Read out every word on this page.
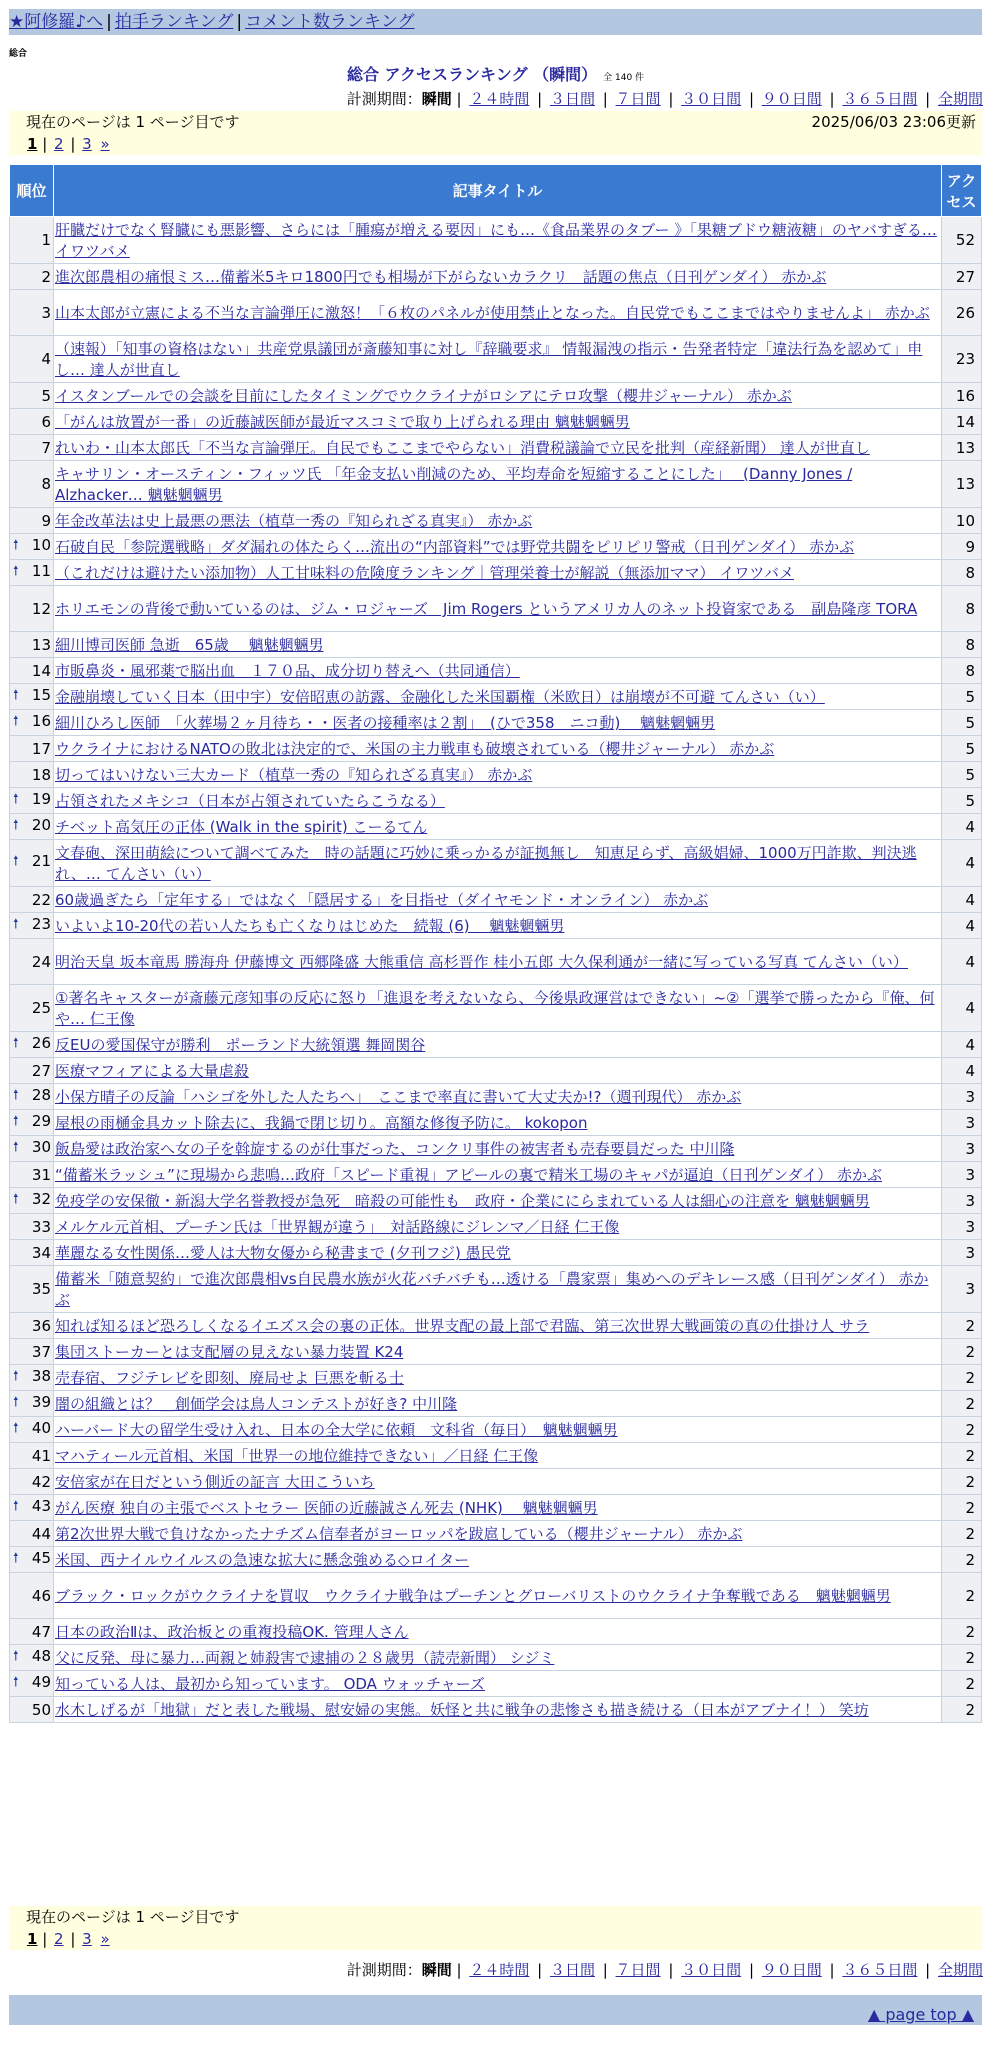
★阿修羅♪へ | 拍手ランキング | コメント数ランキング
総合
総合 アクセスランキング （瞬間） 全 140 件
計測期間：瞬間 | ２４時間 | ３日間 | ７日間 | ３０日間 | ９０日間 | ３６５日間 | 全期間
現在のページは 1 ページ目です	2025/06/03 23:06更新
1 | 2 | 3 »
順位	記事タイトル	アクセス
1	肝臓だけでなく腎臓にも悪影響、さらには「腫瘍が増える要因」にも…《食品業界のタブー 》「果糖ブドウ糖液糖」のヤバすぎる… イワツバメ	52
2	進次郎農相の痛恨ミス…備蓄米5キロ1800円でも相場が下がらないカラクリ　話題の焦点（日刊ゲンダイ） 赤かぶ	27
3	山本太郎が立憲による不当な言論弾圧に激怒！「６枚のパネルが使用禁止となった。自民党でもここまではやりませんよ」 赤かぶ	26
4	（速報）「知事の資格はない」共産党県議団が斎藤知事に対し『辞職要求』 情報漏洩の指示・告発者特定「違法行為を認めて」申し… 達人が世直し	23
5	イスタンブールでの会談を目前にしたタイミングでウクライナがロシアにテロ攻撃（櫻井ジャーナル） 赤かぶ	16
6	「がんは放置が一番」の近藤誠医師が最近マスコミで取り上げられる理由 魑魅魍魎男	14
7	れいわ・山本太郎氏「不当な言論弾圧。自民でもここまでやらない」消費税議論で立民を批判（産経新聞） 達人が世直し	13
8	キャサリン・オースティン・フィッツ氏 「年金支払い削減のため、平均寿命を短縮することにした」　 (Danny Jones / Alzhacker… 魑魅魍魎男	13
9	年金改革法は史上最悪の悪法（植草一秀の『知られざる真実』） 赤かぶ	10

🠕 10	石破自民「参院選戦略」ダダ漏れの体たらく…流出の“内部資料”では野党共闘をピリピリ警戒（日刊ゲンダイ） 赤かぶ	9

🠕 11	（これだけは避けたい添加物）人工甘味料の危険度ランキング｜管理栄養士が解説（無添加ママ） イワツバメ	8
12	ホリエモンの背後で動いているのは、ジム・ロジャーズ　Jim Rogers というアメリカ人のネット投資家である　副島隆彦 TORA	8
13	細川博司医師 急逝　65歳　 魑魅魍魎男	8
14	市販鼻炎・風邪薬で脳出血　１７０品、成分切り替えへ（共同通信）	8

🠕 15	金融崩壊していく日本（田中宇）安倍昭恵の訪露、金融化した米国覇権（米欧日）は崩壊が不可避 てんさい（い）	5

🠕 16	細川ひろし医師　「火葬場２ヶ月待ち・・医者の接種率は２割」　(ひで358　ニコ動)　 魑魅魍魎男	5
17	ウクライナにおけるNATOの敗北は決定的で、米国の主力戦車も破壊されている（櫻井ジャーナル） 赤かぶ	5
18	切ってはいけない三大カード（植草一秀の『知られざる真実』） 赤かぶ	5

🠕 19	占領されたメキシコ（日本が占領されていたらこうなる）	5

🠕 20	チベット高気圧の正体 (Walk in the spirit) こーるてん	4

🠕 21	文春砲、深田萌絵について調べてみた　時の話題に巧妙に乗っかるが証拠無し　知恵足らず、高級娼婦、1000万円詐欺、判決逃れ、… てんさい（い）	4
22	60歳過ぎたら「定年する」ではなく「隠居する」を目指せ（ダイヤモンド・オンライン） 赤かぶ	4

🠕 23	いよいよ10-20代の若い人たちも亡くなりはじめた　続報 (6)　 魑魅魍魎男	4
24	明治天皇 坂本竜馬 勝海舟 伊藤博文 西郷隆盛 大熊重信 高杉晋作 桂小五郎 大久保利通が一緒に写っている写真 てんさい（い）	4
25	①著名キャスターが斎藤元彦知事の反応に怒り「進退を考えないなら、今後県政運営はできない」~②「選挙で勝ったから『俺、何や… 仁王像	4

🠕 26	反EUの愛国保守が勝利　ポーランド大統領選 舞岡関谷	4
27	医療マフィアによる大量虐殺	4

🠕 28	小保方晴子の反論「ハシゴを外した人たちへ」　ここまで率直に書いて大丈夫か!?（週刊現代） 赤かぶ	3

🠕 29	屋根の雨樋金具カット除去に、我鍋で閉じ切り。高額な修復予防に。 kokopon	3

🠕 30	飯島愛は政治家へ女の子を斡旋するのが仕事だった、コンクリ事件の被害者も売春要員だった 中川隆	3
31	“備蓄米ラッシュ”に現場から悲鳴…政府「スピード重視」アピールの裏で精米工場のキャパが逼迫（日刊ゲンダイ） 赤かぶ	3

🠕 32	免疫学の安保徹・新潟大学名誉教授が急死　暗殺の可能性も　政府・企業ににらまれている人は細心の注意を 魑魅魍魎男	3
33	メルケル元首相、プーチン氏は「世界観が違う」　対話路線にジレンマ／日経 仁王像	3
34	華麗なる女性関係…愛人は大物女優から秘書まで (夕刊フジ) 愚民党	3
35	備蓄米「随意契約」で進次郎農相vs自民農水族が火花バチバチも…透ける「農家票」集めへのデキレース感（日刊ゲンダイ） 赤かぶ	3
36	知れば知るほど恐ろしくなるイエズス会の裏の正体。世界支配の最上部で君臨、第三次世界大戦画策の真の仕掛け人 サラ	2
37	集団ストーカーとは支配層の見えない暴力装置 K24	2

🠕 38	売春宿、フジテレビを即刻、廃局せよ 巨悪を斬る士	2

🠕 39	闇の組織とは？＿創価学会は鳥人コンテストが好き? 中川隆	2

🠕 40	ハーバード大の留学生受け入れ、日本の全大学に依頼　文科省（毎日）　魑魅魍魎男	2
41	マハティール元首相、米国「世界一の地位維持できない」／日経 仁王像	2
42	安倍家が在日だという側近の証言 大田こういち	2

🠕 43	がん医療 独自の主張でベストセラー 医師の近藤誠さん死去 (NHK)　 魑魅魍魎男	2
44	第2次世界大戦で負けなかったナチズム信奉者がヨーロッパを跋扈している（櫻井ジャーナル） 赤かぶ	2

🠕 45	米国、西ナイルウイルスの急速な拡大に懸念強める◇ロイター	2
46	ブラック・ロックがウクライナを買収　ウクライナ戦争はプーチンとグローバリストのウクライナ争奪戦である　魑魅魍魎男	2
47	日本の政治Ⅱは、政治板との重複投稿OK. 管理人さん	2

🠕 48	父に反発、母に暴力…両親と姉殺害で逮捕の２８歳男（読売新聞） シジミ	2

🠕 49	知っている人は、最初から知っています。 ODA ウォッチャーズ	2
50	水木しげるが「地獄」だと表した戦場、慰安婦の実態。妖怪と共に戦争の悲惨さも描き続ける（日本がアブナイ！） 笑坊	2
現在のページは 1 ページ目です
1 | 2 | 3 »
計測期間：瞬間 | ２４時間 | ３日間 | ７日間 | ３０日間 | ９０日間 | ３６５日間 | 全期間
▲ page top ▲
